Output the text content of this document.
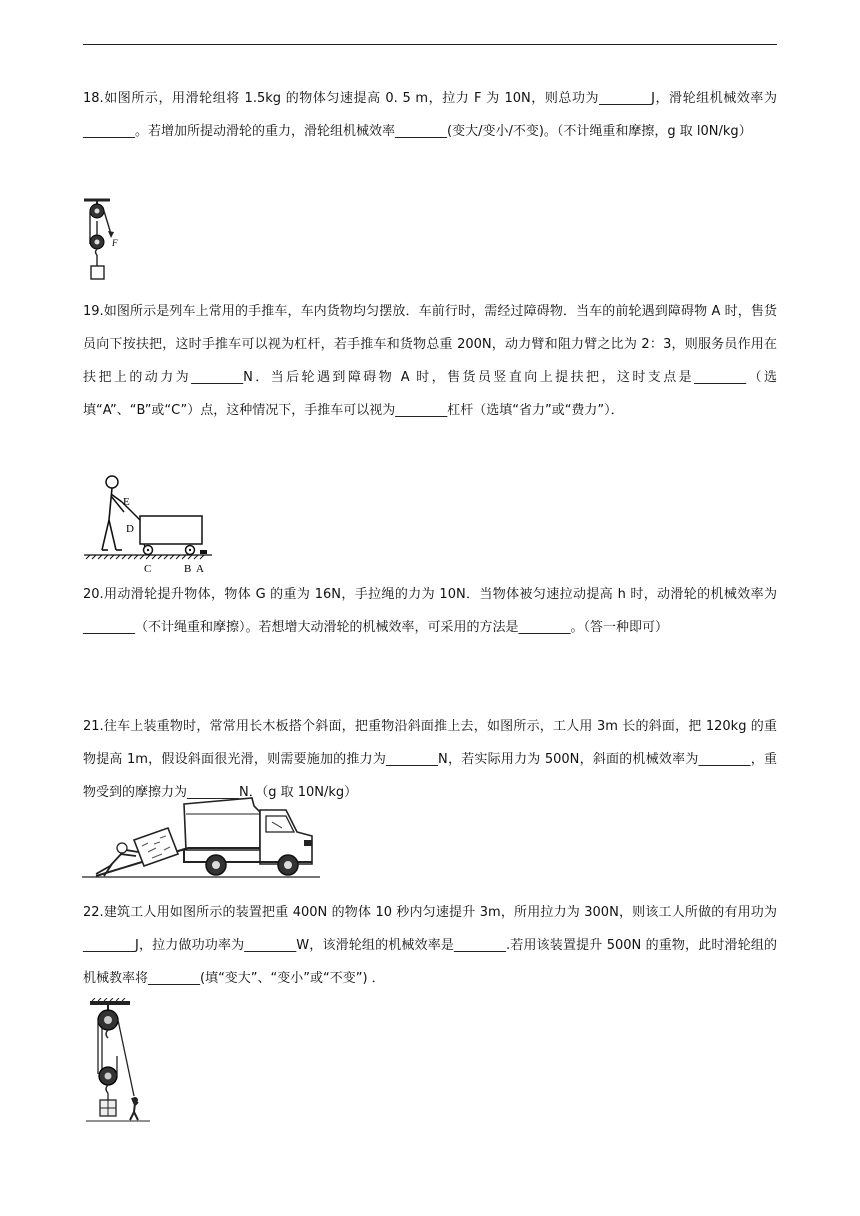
18.如图所示，用滑轮组将 1.5kg 的物体匀速提高 0. 5 m，拉力 F 为 10N，则总功为________J，滑轮组机械效率为________。若增加所提动滑轮的重力，滑轮组机械效率________(变大/变小/不变)。（不计绳重和摩擦，g 取 l0N/kg）

F

19.如图所示是列车上常用的手推车，车内货物均匀摆放．车前行时，需经过障碍物．当车的前轮遇到障碍物 A 时，售货员向下按扶把，这时手推车可以视为杠杆，若手推车和货物总重 200N，动力臂和阻力臂之比为 2：3，则服务员作用在扶把上的动力为________N．当后轮遇到障碍物 A 时，售货员竖直向上提扶把，这时支点是________（选填“A”、“B”或“C”）点，这种情况下，手推车可以视为________杠杆（选填“省力”或“费力”）．

E
D
C	B A

20.用动滑轮提升物体，物体 G 的重为 16N，手拉绳的力为 10N．当物体被匀速拉动提高 h 时，动滑轮的机械效率为________（不计绳重和摩擦）。若想增大动滑轮的机械效率，可采用的方法是________。（答一种即可）

21.往车上装重物时，常常用长木板搭个斜面，把重物沿斜面推上去，如图所示，工人用 3m 长的斜面，把 120kg 的重物提高 1m，假设斜面很光滑，则需要施加的推力为________N，若实际用力为 500N，斜面的机械效率为________，重物受到的摩擦力为________N．（g 取 10N/kg）

22.建筑工人用如图所示的装置把重 400N 的物体 10 秒内匀速提升 3m，所用拉力为 300N，则该工人所做的有用功为________J，拉力做功功率为________W，该滑轮组的机械效率是________.若用该装置提升 500N 的重物，此时滑轮组的机械教率将________(填“变大”、“变小”或“不变”) ．
